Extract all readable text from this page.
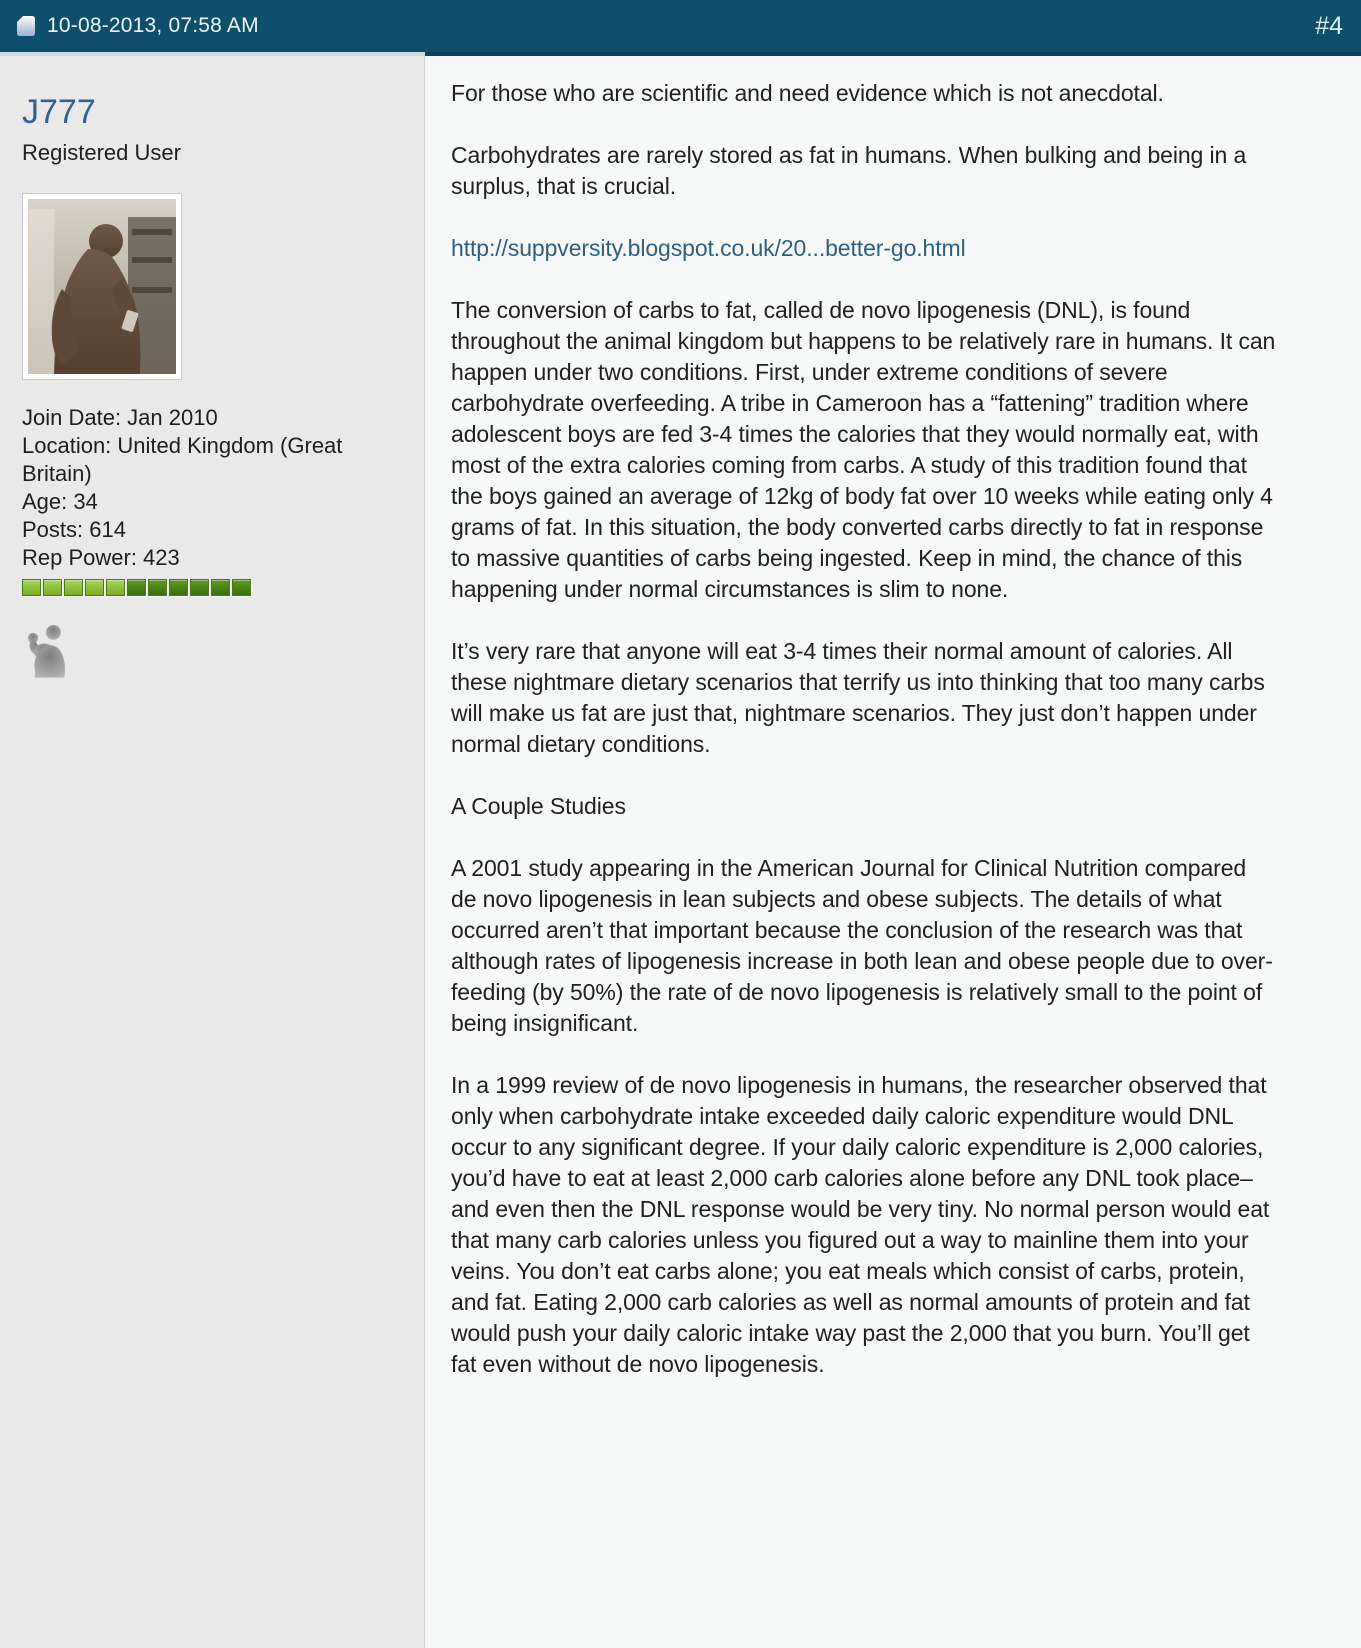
10-08-2013, 07:58 AM	#4
J777
Registered User
Join Date: Jan 2010
Location: United Kingdom (Great Britain)
Age: 34
Posts: 614
Rep Power: 423

For those who are scientific and need evidence which is not anecdotal.

Carbohydrates are rarely stored as fat in humans. When bulking and being in a surplus, that is crucial.

http://suppversity.blogspot.co.uk/20...better-go.html

The conversion of carbs to fat, called de novo lipogenesis (DNL), is found throughout the animal kingdom but happens to be relatively rare in humans. It can happen under two conditions. First, under extreme conditions of severe carbohydrate overfeeding. A tribe in Cameroon has a “fattening” tradition where adolescent boys are fed 3-4 times the calories that they would normally eat, with most of the extra calories coming from carbs. A study of this tradition found that the boys gained an average of 12kg of body fat over 10 weeks while eating only 4 grams of fat. In this situation, the body converted carbs directly to fat in response to massive quantities of carbs being ingested. Keep in mind, the chance of this happening under normal circumstances is slim to none.

It’s very rare that anyone will eat 3-4 times their normal amount of calories. All these nightmare dietary scenarios that terrify us into thinking that too many carbs will make us fat are just that, nightmare scenarios. They just don’t happen under normal dietary conditions.

A Couple Studies

A 2001 study appearing in the American Journal for Clinical Nutrition compared de novo lipogenesis in lean subjects and obese subjects. The details of what occurred aren’t that important because the conclusion of the research was that although rates of lipogenesis increase in both lean and obese people due to over-feeding (by 50%) the rate of de novo lipogenesis is relatively small to the point of being insignificant.

In a 1999 review of de novo lipogenesis in humans, the researcher observed that only when carbohydrate intake exceeded daily caloric expenditure would DNL occur to any significant degree. If your daily caloric expenditure is 2,000 calories, you’d have to eat at least 2,000 carb calories alone before any DNL took place–and even then the DNL response would be very tiny. No normal person would eat that many carb calories unless you figured out a way to mainline them into your veins. You don’t eat carbs alone; you eat meals which consist of carbs, protein, and fat. Eating 2,000 carb calories as well as normal amounts of protein and fat would push your daily caloric intake way past the 2,000 that you burn. You’ll get fat even without de novo lipogenesis.
